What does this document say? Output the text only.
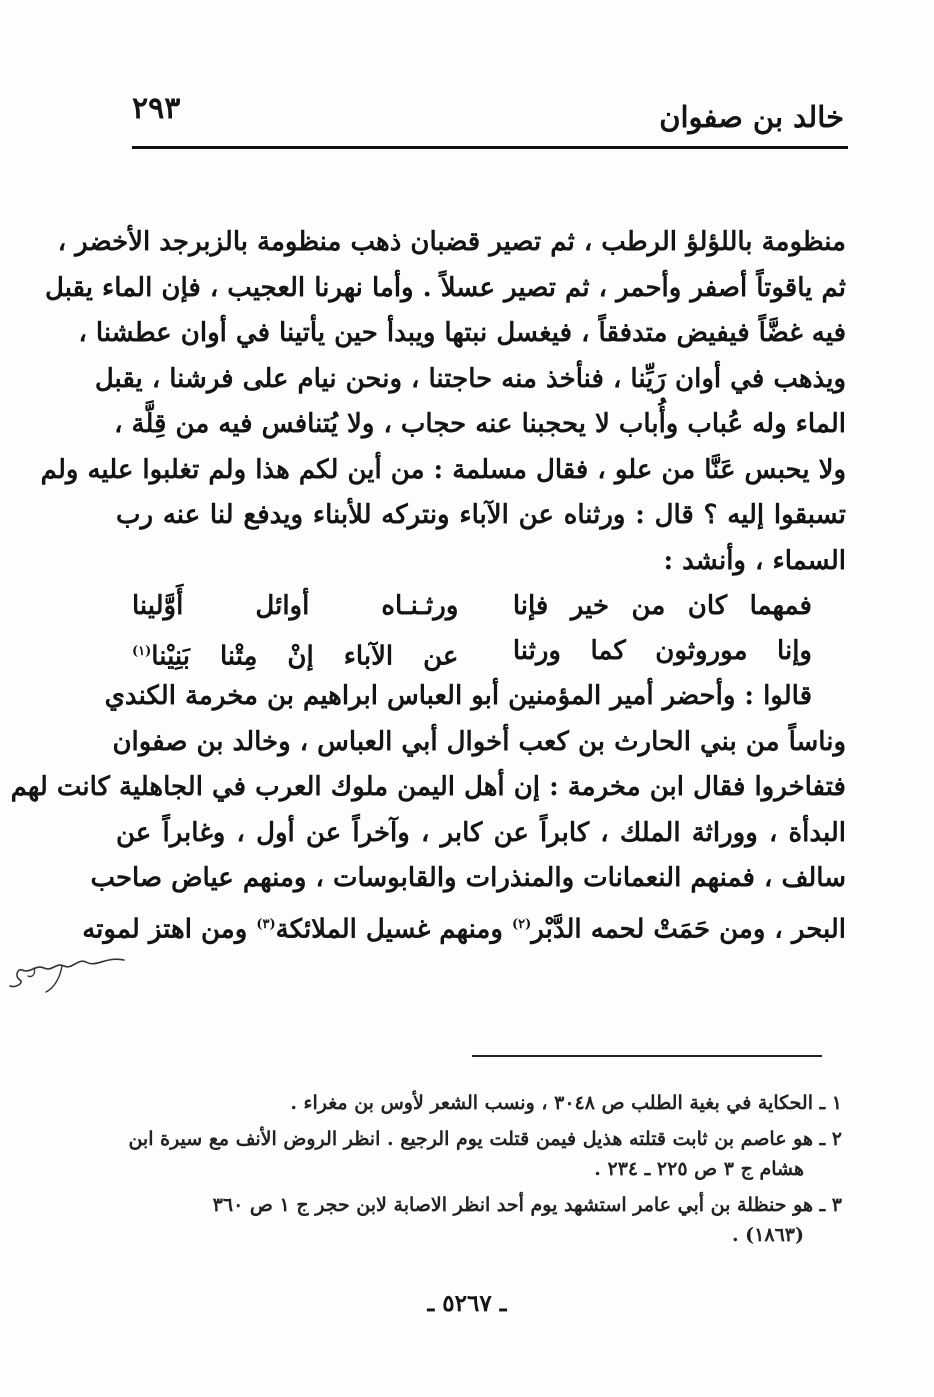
خالد بن صفوان
٢٩٣
منظومة باللؤلؤ الرطب ، ثم تصير قضبان ذهب منظومة بالزبرجد الأخضر ،
ثم ياقوتاً أصفر وأحمر ، ثم تصير عسلاً . وأما نهرنا العجيب ، فإن الماء يقبل
فيه غضَّاً فيفيض متدفقاً ، فيغسل نبتها ويبدأ حين يأتينا في أوان عطشنا ،
ويذهب في أوان رَيِّنا ، فنأخذ منه حاجتنا ، ونحن نيام على فرشنا ، يقبل
الماء وله عُباب وأُباب لا يحجبنا عنه حجاب ، ولا يُتنافس فيه من قِلَّة ،
ولا يحبس عَنَّا من علو ، فقال مسلمة : من أين لكم هذا ولم تغلبوا عليه ولم
تسبقوا إليه ؟ قال : ورثناه عن الآباء ونتركه للأبناء ويدفع لنا عنه رب
السماء ، وأنشد :
فمهما كان من خير فإنا
ورثـنـاه أوائل أَوَّلينا
وإنا موروثون كما ورثنا
عن الآباء إنْ مِتْنا بَنِيْنا$^{(١)}$
قالوا : وأحضر أمير المؤمنين أبو العباس ابراهيم بن مخرمة الكندي
وناساً من بني الحارث بن كعب أخوال أبي العباس ، وخالد بن صفوان
فتفاخروا فقال ابن مخرمة : إن أهل اليمن ملوك العرب في الجاهلية كانت لهم
البدأة ، ووراثة الملك ، كابراً عن كابر ، وآخراً عن أول ، وغابراً عن
سالف ، فمنهم النعمانات والمنذرات والقابوسات ، ومنهم عياض صاحب
البحر ، ومن حَمَتْ لحمه الدَّبْر$^{(٢)}$ ومنهم غسيل الملائكة$^{(٣)}$ ومن اهتز لموته
١ ـ الحكاية في بغية الطلب ص ٣٠٤٨ ، ونسب الشعر لأوس بن مغراء .
٢ ـ هو عاصم بن ثابت قتلته هذيل فيمن قتلت يوم الرجيع . انظر الروض الأنف مع سيرة ابن
هشام ج ٣ ص ٢٢٥ ـ ٢٣٤ .
٣ ـ هو حنظلة بن أبي عامر استشهد يوم أحد انظر الاصابة لابن حجر ج ١ ص ٣٦٠
(١٨٦٣) .
ـ ٥٢٦٧ ـ
